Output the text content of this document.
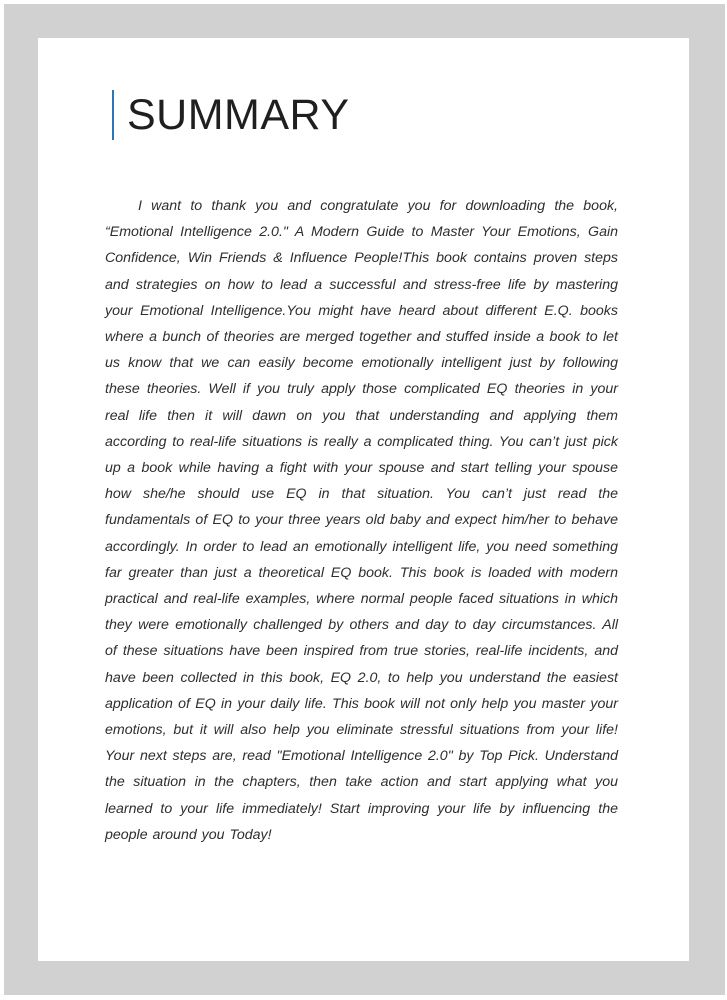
SUMMARY

I want to thank you and congratulate you for downloading the book, “Emotional Intelligence 2.0." A Modern Guide to Master Your Emotions, Gain Confidence, Win Friends & Influence People!This book contains proven steps and strategies on how to lead a successful and stress-free life by mastering your Emotional Intelligence.You might have heard about different E.Q. books where a bunch of theories are merged together and stuffed inside a book to let us know that we can easily become emotionally intelligent just by following these theories. Well if you truly apply those complicated EQ theories in your real life then it will dawn on you that understanding and applying them according to real-life situations is really a complicated thing. You can’t just pick up a book while having a fight with your spouse and start telling your spouse how she/he should use EQ in that situation. You can’t just read the fundamentals of EQ to your three years old baby and expect him/her to behave accordingly. In order to lead an emotionally intelligent life, you need something far greater than just a theoretical EQ book. This book is loaded with modern practical and real-life examples, where normal people faced situations in which they were emotionally challenged by others and day to day circumstances. All of these situations have been inspired from true stories, real-life incidents, and have been collected in this book, EQ 2.0, to help you understand the easiest application of EQ in your daily life. This book will not only help you master your emotions, but it will also help you eliminate stressful situations from your life! Your next steps are, read "Emotional Intelligence 2.0" by Top Pick. Understand the situation in the chapters, then take action and start applying what you learned to your life immediately! Start improving your life by influencing the people around you Today!
